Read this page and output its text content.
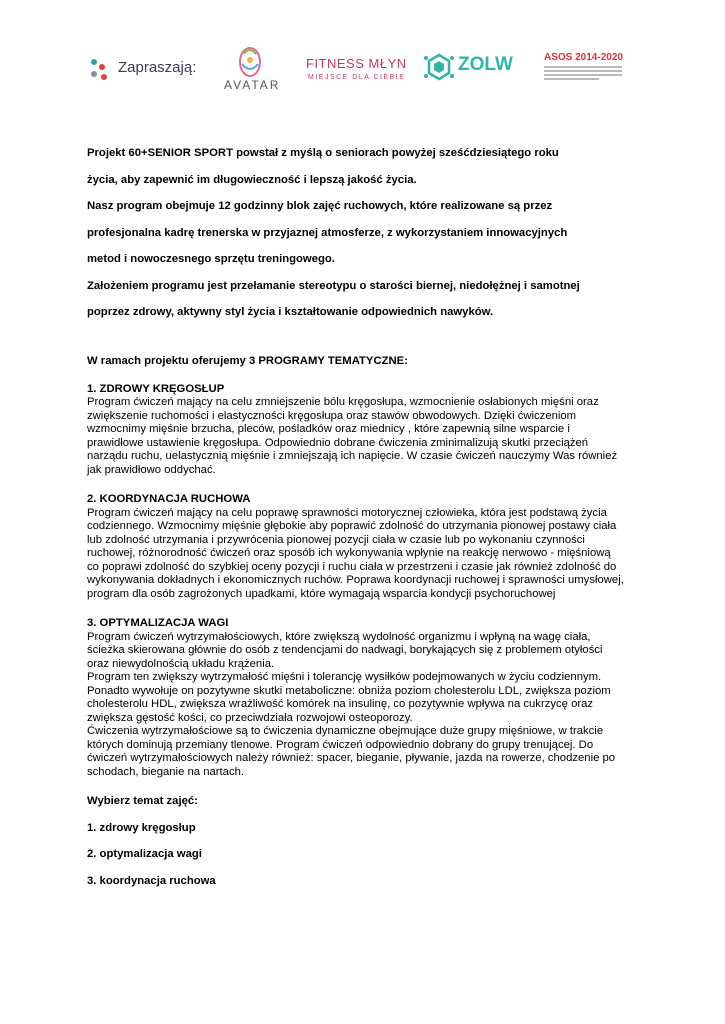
Zapraszają:
AVATAR
FITNESS MŁYN
MIEJSCE DLA CIEBIE
ZOLW	ASOS 2014-2020

Projekt 60+SENIOR SPORT powstał z myślą o seniorach powyżej sześćdziesiątego roku

życia, aby zapewnić im długowieczność i lepszą jakość życia.

Nasz program obejmuje 12 godzinny blok zajęć ruchowych, które realizowane są przez

profesjonalna kadrę trenerska w przyjaznej atmosferze, z wykorzystaniem innowacyjnych

metod i nowoczesnego sprzętu treningowego.

Założeniem programu jest przełamanie stereotypu o starości biernej, niedołężnej i samotnej

poprzez zdrowy, aktywny styl życia i kształtowanie odpowiednich nawyków.

W ramach projektu oferujemy 3 PROGRAMY TEMATYCZNE:

1. ZDROWY KRĘGOSŁUP

Program ćwiczeń mający na celu zmniejszenie bólu kręgosłupa, wzmocnienie osłabionych mięśni oraz

zwiększenie ruchomości i elastyczności kręgosłupa oraz stawów obwodowych. Dzięki ćwiczeniom

wzmocnimy mięśnie brzucha, pleców, pośladków oraz miednicy , które zapewnią silne wsparcie i

prawidłowe ustawienie kręgosłupa. Odpowiednio dobrane ćwiczenia zminimalizują skutki przeciążeń

narządu ruchu, uelastycznią mięśnie i zmniejszają ich napięcie. W czasie ćwiczeń nauczymy Was również

jak prawidłowo oddychać.

2. KOORDYNACJA RUCHOWA

Program ćwiczeń mający na celu poprawę sprawności motorycznej człowieka, która jest podstawą życia

codziennego. Wzmocnimy mięśnie głębokie aby poprawić zdolność do utrzymania pionowej postawy ciała

lub zdolność utrzymania i przywrócenia pionowej pozycji ciała w czasie lub po wykonaniu czynności

ruchowej, różnorodność ćwiczeń oraz sposób ich wykonywania wpłynie na reakcję nerwowo - mięśniową

co poprawi zdolność do szybkiej oceny pozycji i ruchu ciała w przestrzeni i czasie jak również zdolność do

wykonywania dokładnych i ekonomicznych ruchów. Poprawa koordynacji ruchowej i sprawności umysłowej,

program dla osób zagrożonych upadkami, które wymagają wsparcia kondycji psychoruchowej

3. OPTYMALIZACJA WAGI

Program ćwiczeń wytrzymałościowych, które zwiększą wydolność organizmu i wpłyną na wagę ciała,

ścieżka skierowana głównie do osób z tendencjami do nadwagi, borykających się z problemem otyłości

oraz niewydolnością układu krążenia.

Program ten zwiększy wytrzymałość mięśni i tolerancję wysiłków podejmowanych w życiu codziennym.

Ponadto wywołuje on pozytywne skutki metaboliczne: obniża poziom cholesterolu LDL, zwiększa poziom

cholesterolu HDL, zwiększa wrażliwość komórek na insulinę, co pozytywnie wpływa na cukrzycę oraz

zwiększa gęstość kości, co przeciwdziała rozwojowi osteoporozy.

Ćwiczenia wytrzymałościowe są to ćwiczenia dynamiczne obejmujące duże grupy mięśniowe, w trakcie

których dominują przemiany tlenowe. Program ćwiczeń odpowiednio dobrany do grupy trenującej. Do

ćwiczeń wytrzymałościowych należy również: spacer, bieganie, pływanie, jazda na rowerze, chodzenie po

schodach, bieganie na nartach.

Wybierz temat zajęć:

1. zdrowy kręgosłup

2. optymalizacja wagi

3. koordynacja ruchowa
